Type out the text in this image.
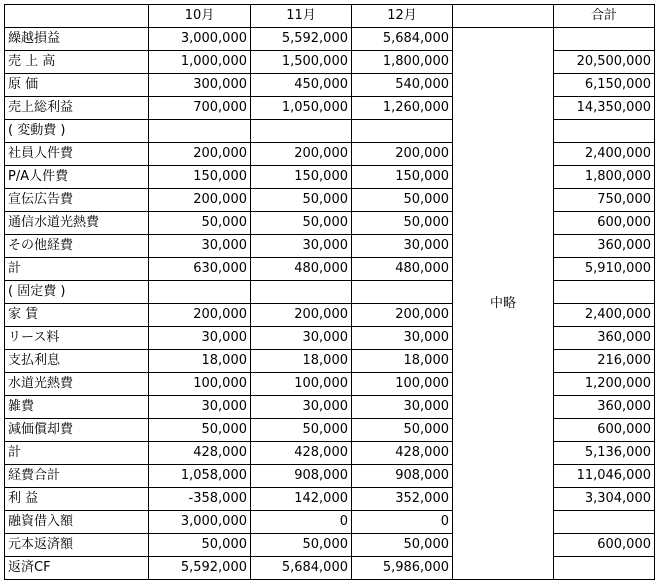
	10月	11月	12月		合計
繰越損益	3,000,000	5,592,000	5,684,000	中略	
売 上 高	1,000,000	1,500,000	1,800,000		20,500,000
原 価	300,000	450,000	540,000		6,150,000
売上総利益	700,000	1,050,000	1,260,000		14,350,000
( 変動費 )					
社員人件費	200,000	200,000	200,000		2,400,000
P/A人件費	150,000	150,000	150,000		1,800,000
宣伝広告費	200,000	50,000	50,000		750,000
通信水道光熱費	50,000	50,000	50,000		600,000
その他経費	30,000	30,000	30,000		360,000
計	630,000	480,000	480,000		5,910,000
( 固定費 )					
家 賃	200,000	200,000	200,000		2,400,000
リース料	30,000	30,000	30,000		360,000
支払利息	18,000	18,000	18,000		216,000
水道光熱費	100,000	100,000	100,000		1,200,000
雑費	30,000	30,000	30,000		360,000
減価償却費	50,000	50,000	50,000		600,000
計	428,000	428,000	428,000		5,136,000
経費合計	1,058,000	908,000	908,000		11,046,000
利 益	-358,000	142,000	352,000		3,304,000
融資借入額	3,000,000	0	0		
元本返済額	50,000	50,000	50,000		600,000
返済CF	5,592,000	5,684,000	5,986,000		
